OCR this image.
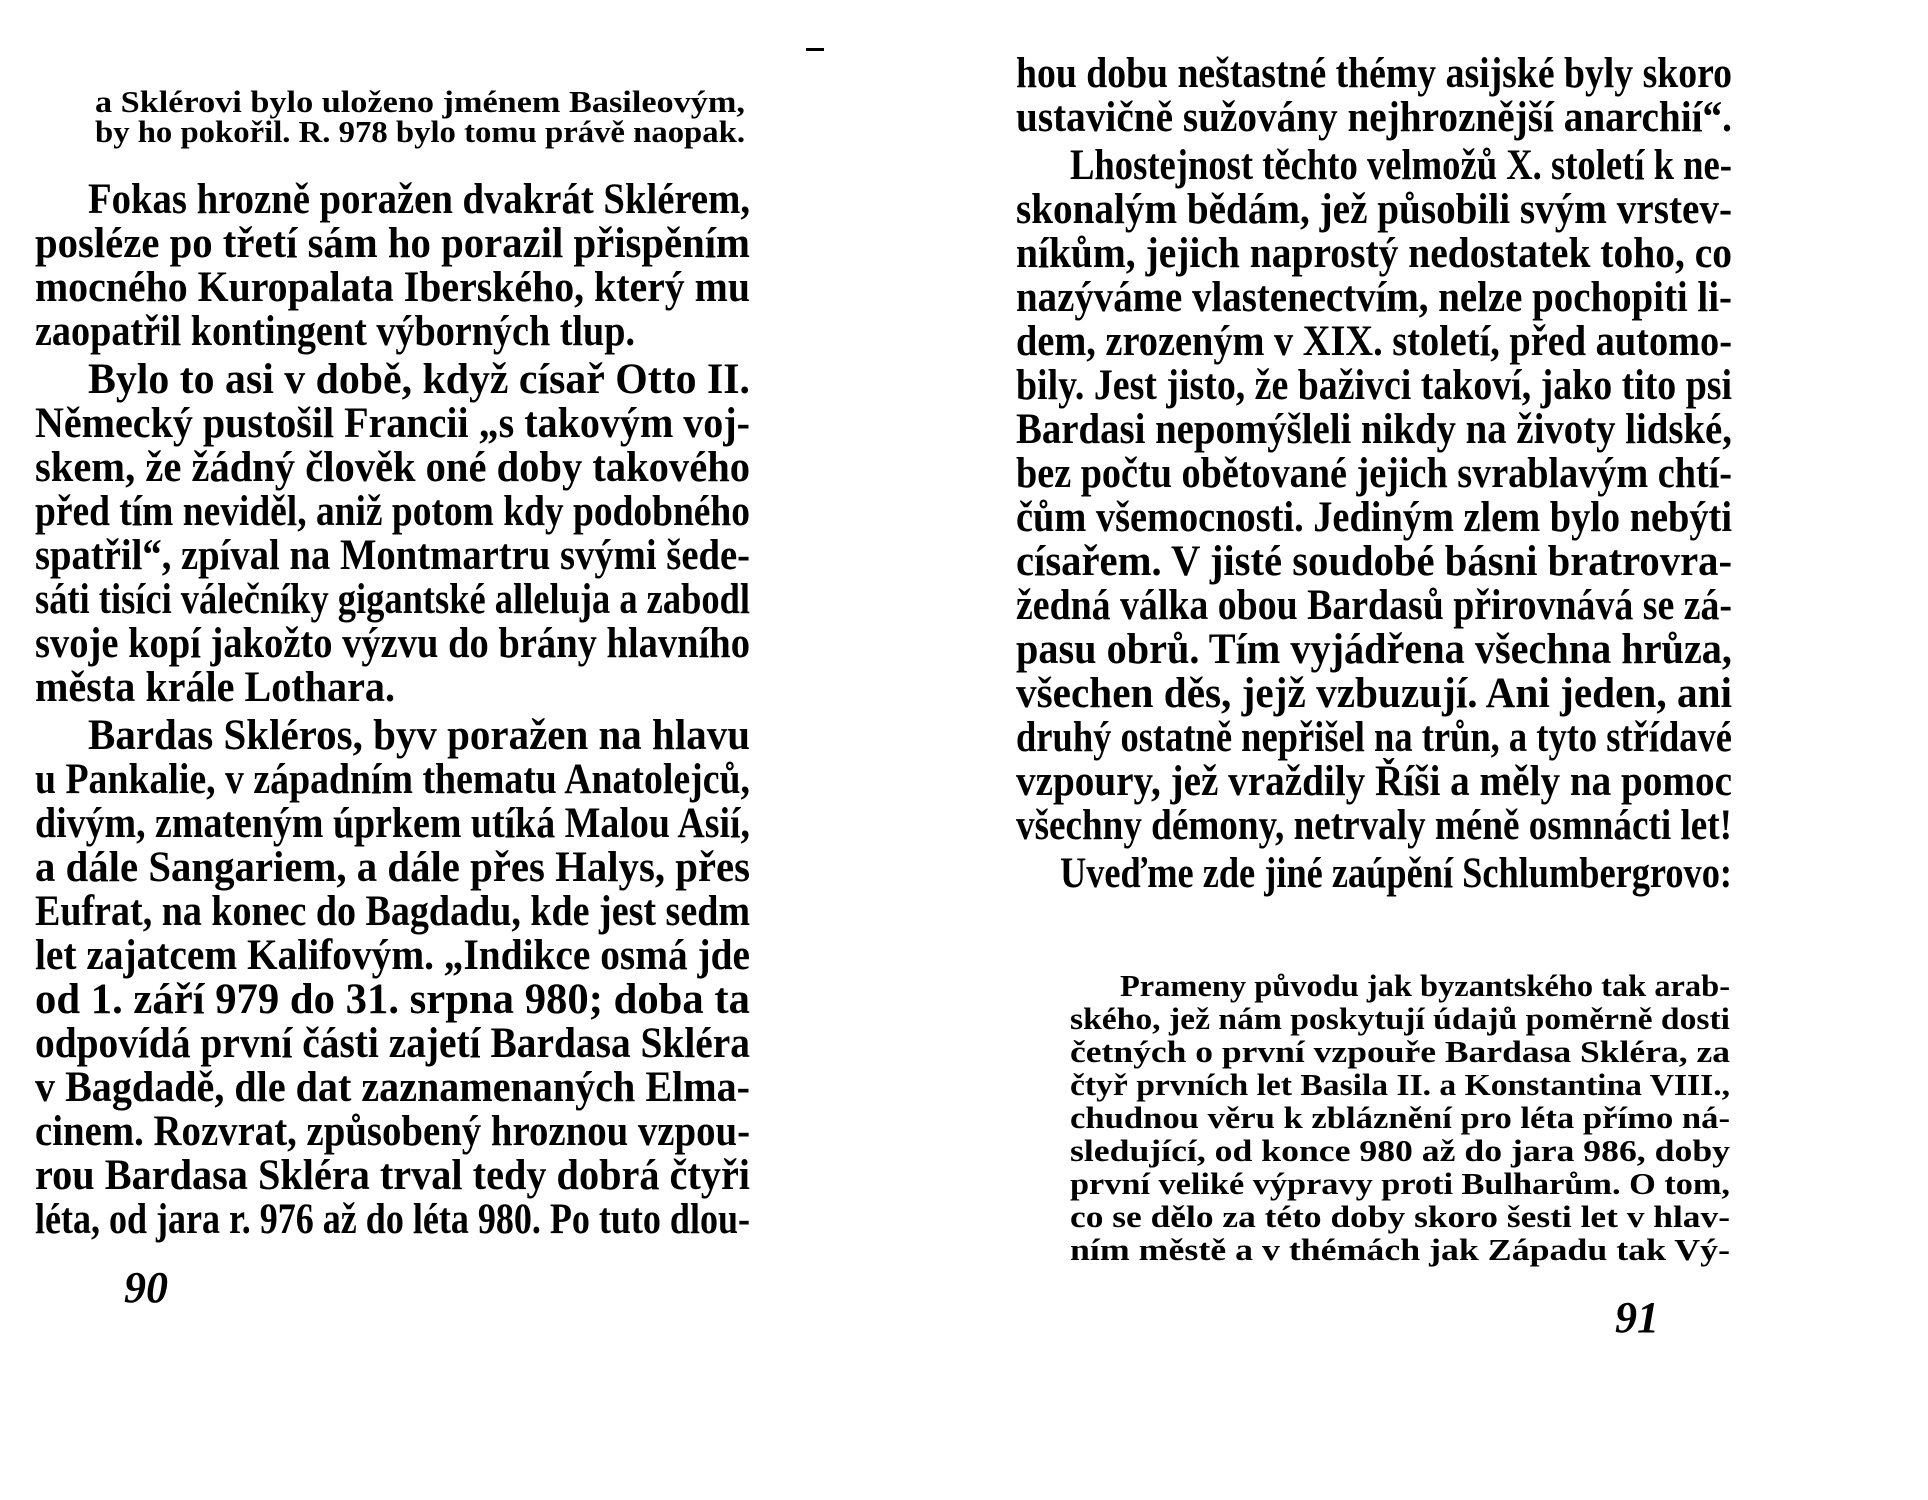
a Sklérovi bylo uloženo jménem Basileovým,
by ho pokořil. R. 978 bylo tomu právě naopak.
Fokas hrozně poražen dvakrát Sklérem,
posléze po třetí sám ho porazil přispěním
mocného Kuropalata Iberského, který mu
zaopatřil kontingent výborných tlup.
Bylo to asi v době, když císař Otto II.
Německý pustošil Francii „s takovým voj-
skem, že žádný člověk oné doby takového
před tím neviděl, aniž potom kdy podobného
spatřil“, zpíval na Montmartru svými šede-
sáti tisíci válečníky gigantské alleluja a zabodl
svoje kopí jakožto výzvu do brány hlavního
města krále Lothara.
Bardas Skléros, byv poražen na hlavu
u Pankalie, v západním thematu Anatolejců,
divým, zmateným úprkem utíká Malou Asií,
a dále Sangariem, a dále přes Halys, přes
Eufrat, na konec do Bagdadu, kde jest sedm
let zajatcem Kalifovým. „Indikce osmá jde
od 1. září 979 do 31. srpna 980; doba ta
odpovídá první části zajetí Bardasa Skléra
v Bagdadě, dle dat zaznamenaných Elma-
cinem. Rozvrat, způsobený hroznou vzpou-
rou Bardasa Skléra trval tedy dobrá čtyři
léta, od jara r. 976 až do léta 980. Po tuto dlou-
90
hou dobu neštastné thémy asijské byly skoro
ustavičně sužovány nejhroznější anarchií“.
Lhostejnost těchto velmožů X. století k ne-
skonalým bědám, jež působili svým vrstev-
níkům, jejich naprostý nedostatek toho, co
nazýváme vlastenectvím, nelze pochopiti li-
dem, zrozeným v XIX. století, před automo-
bily. Jest jisto, že baživci takoví, jako tito psi
Bardasi nepomýšleli nikdy na životy lidské,
bez počtu obětované jejich svrablavým chtí-
čům všemocnosti. Jediným zlem bylo nebýti
císařem. V jisté soudobé básni bratrovra-
žedná válka obou Bardasů přirovnává se zá-
pasu obrů. Tím vyjádřena všechna hrůza,
všechen děs, jejž vzbuzují. Ani jeden, ani
druhý ostatně nepřišel na trůn, a tyto střídavé
vzpoury, jež vraždily Říši a měly na pomoc
všechny démony, netrvaly méně osmnácti let!
Uveďme zde jiné zaúpění Schlumbergrovo:
Prameny původu jak byzantského tak arab-
ského, jež nám poskytují údajů poměrně dosti
četných o první vzpouře Bardasa Skléra, za
čtyř prvních let Basila II. a Konstantina VIII.,
chudnou věru k zbláznění pro léta přímo ná-
sledující, od konce 980 až do jara 986, doby
první veliké výpravy proti Bulharům. O tom,
co se dělo za této doby skoro šesti let v hlav-
ním městě a v thémách jak Západu tak Vý-
91
